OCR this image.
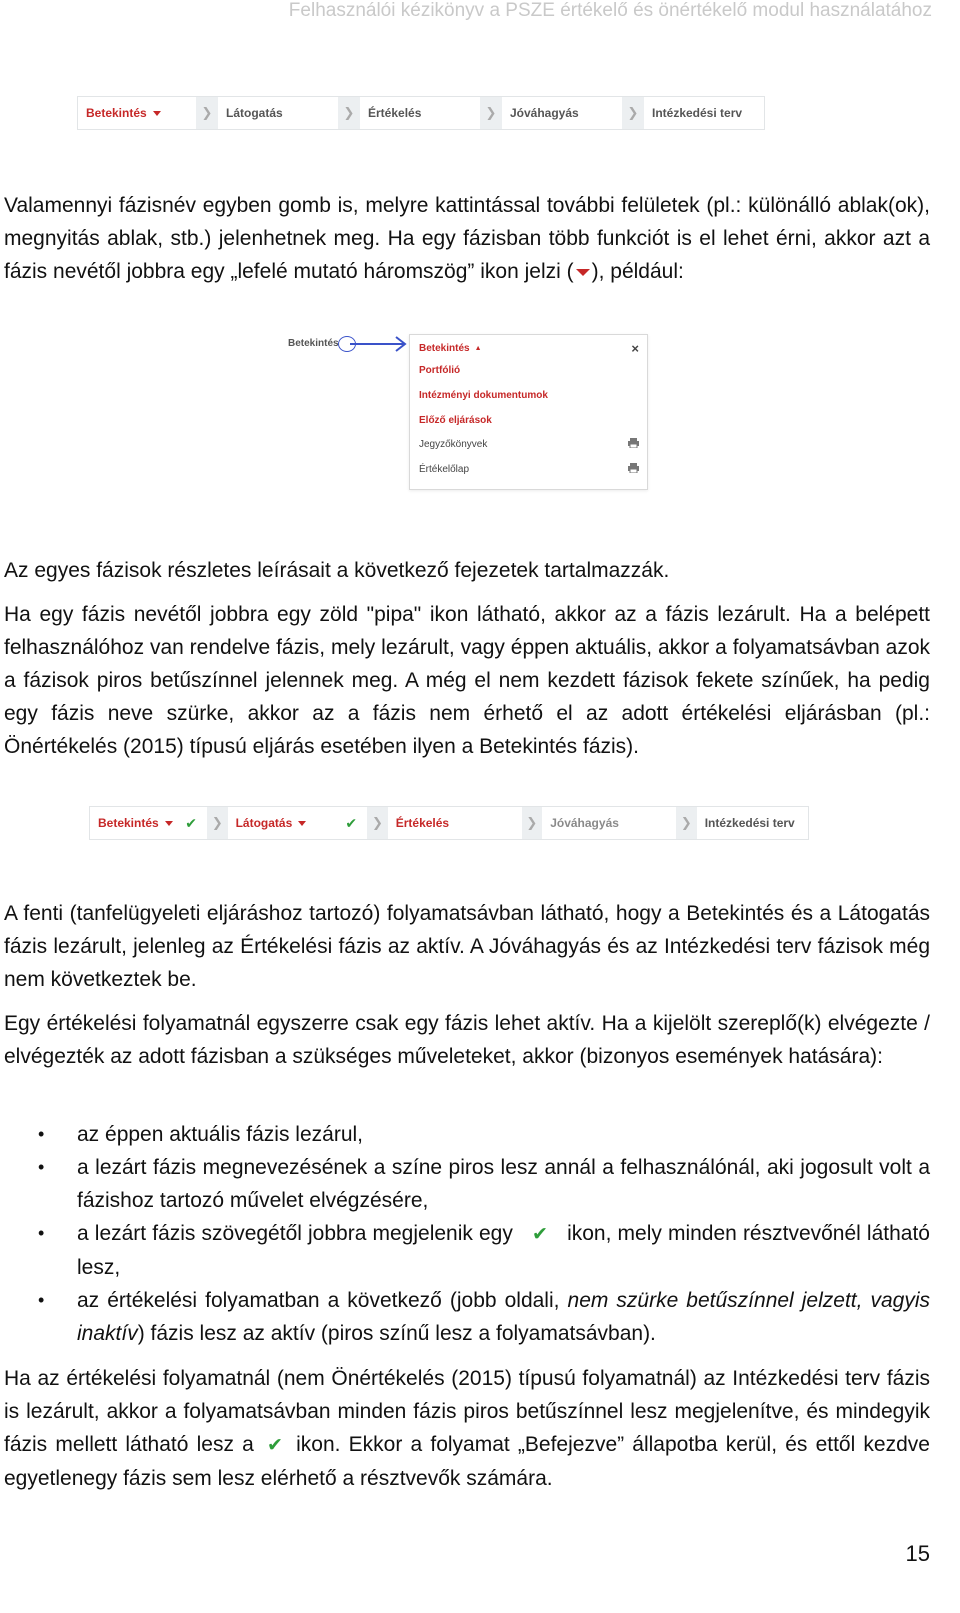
Felhasználói kézikönyv a PSZE értékelő és önértékelő modul használatához
Betekintés	❯	Látogatás	❯	Értékelés	❯	Jóváhagyás	❯	Intézkedési terv

Valamennyi fázisnév egyben gomb is, melyre kattintással további felületek (pl.: különálló ablak(ok), megnyitás ablak, stb.) jelenhetnek meg. Ha egy fázisban több funkciót is el lehet érni, akkor azt a fázis nevétől jobbra egy „lefelé mutató háromszög” ikon jelzi ( ), például:

Betekintés	Betekintés ▲	×
Portfólió
Intézményi dokumentumok
Előző eljárások
Jegyzőkönyvek
Értékelőlap

Az egyes fázisok részletes leírásait a következő fejezetek tartalmazzák.

Ha egy fázis nevétől jobbra egy zöld "pipa" ikon látható, akkor az a fázis lezárult. Ha a belépett felhasználóhoz van rendelve fázis, mely lezárult, vagy éppen aktuális, akkor a folyamatsávban azok a fázisok piros betűszínnel jelennek meg. A még el nem kezdett fázisok fekete színűek, ha pedig egy fázis neve szürke, akkor az a fázis nem érhető el az adott értékelési eljárásban (pl.: Önértékelés (2015) típusú eljárás esetében ilyen a Betekintés fázis).

Betekintés ✔	❯	Látogatás	✔	❯	Értékelés	❯	Jóváhagyás	❯	Intézkedési terv

A fenti (tanfelügyeleti eljáráshoz tartozó) folyamatsávban látható, hogy a Betekintés és a Látogatás fázis lezárult, jelenleg az Értékelési fázis az aktív. A Jóváhagyás és az Intézkedési terv fázisok még nem következtek be.

Egy értékelési folyamatnál egyszerre csak egy fázis lehet aktív. Ha a kijelölt szereplő(k) elvégezte / elvégezték az adott fázisban a szükséges műveleteket, akkor (bizonyos események hatására):

• az éppen aktuális fázis lezárul,
• a lezárt fázis megnevezésének a színe piros lesz annál a felhasználónál, aki jogosult volt a fázishoz tartozó művelet elvégzésére,
• a lezárt fázis szövegétől jobbra megjelenik egy ✔ ikon, mely minden résztvevőnél látható lesz,
• az értékelési folyamatban a következő (jobb oldali, nem szürke betűszínnel jelzett, vagyis inaktív) fázis lesz az aktív (piros színű lesz a folyamatsávban).

Ha az értékelési folyamatnál (nem Önértékelés (2015) típusú folyamatnál) az Intézkedési terv fázis is lezárult, akkor a folyamatsávban minden fázis piros betűszínnel lesz megjelenítve, és mindegyik fázis mellett látható lesz a ✔ ikon. Ekkor a folyamat „Befejezve” állapotba kerül, és ettől kezdve egyetlenegy fázis sem lesz elérhető a résztvevők számára.

15
